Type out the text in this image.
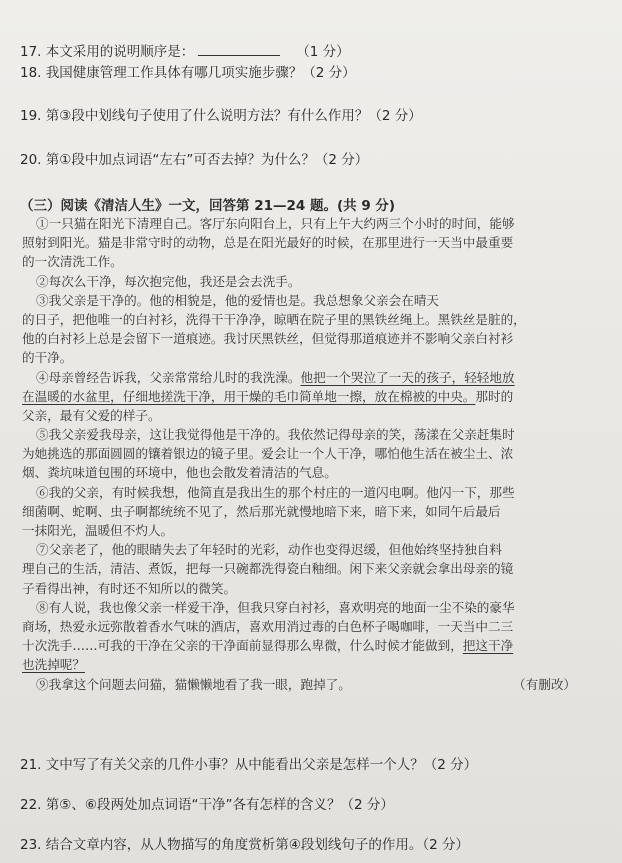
17. 本文采用的说明顺序是：	（1 分）
18. 我国健康管理工作具体有哪几项实施步骤？（2 分）
19. 第③段中划线句子使用了什么说明方法？有什么作用？（2 分）
20. 第①段中加点词语“左右”可否去掉？为什么？（2 分）
（三）阅读《清洁人生》一文，回答第 21—24 题。(共 9 分)
①一只猫在阳光下清理自己。客厅东向阳台上，只有上午大约两三个小时的时间，能够
照射到阳光。猫是非常守时的动物，总是在阳光最好的时候，在那里进行一天当中最重要
的一次清洗工作。
②每次么干净，每次抱完他，我还是会去洗手。
③我父亲是干净的。他的相貌是，他的爱情也是。我总想象父亲会在晴天
的日子，把他唯一的白衬衫，洗得干干净净，晾晒在院子里的黑铁丝绳上。黑铁丝是脏的，
他的白衬衫上总是会留下一道痕迹。我讨厌黑铁丝，但觉得那道痕迹并不影响父亲白衬衫
的干净。
④母亲曾经告诉我，父亲常常给儿时的我洗澡。他把一个哭泣了一天的孩子，轻轻地放
在温暖的水盆里，仔细地搓洗干净，用干燥的毛巾简单地一擦，放在棉被的中央。那时的
父亲，最有父爱的样子。
⑤我父亲爱我母亲，这让我觉得他是干净的。我依然记得母亲的笑，荡漾在父亲赶集时
为她挑选的那面圆圆的镶着银边的镜子里。爱会让一个人干净，哪怕他生活在被尘土、浓
烟、粪坑味道包围的环境中，他也会散发着清洁的气息。
⑥我的父亲，有时候我想，他简直是我出生的那个村庄的一道闪电啊。他闪一下，那些
细菌啊、蛇啊、虫子啊都统统不见了，然后那光就慢地暗下来，暗下来，如同午后最后
一抹阳光，温暖但不灼人。
⑦父亲老了，他的眼睛失去了年轻时的光彩，动作也变得迟缓，但他始终坚持独自料
理自己的生活，清洁、煮饭，把每一只碗都洗得瓷白釉细。闲下来父亲就会拿出母亲的镜
子看得出神，有时还不知所以的微笑。
⑧有人说，我也像父亲一样爱干净，但我只穿白衬衫，喜欢明亮的地面一尘不染的豪华
商场，热爱永远弥散着香水气味的酒店，喜欢用消过毒的白色杯子喝咖啡，一天当中二三
十次洗手……可我的干净在父亲的干净面前显得那么卑微，什么时候才能做到，把这干净
也洗掉呢？
⑨我拿这个问题去问猫，猫懒懒地看了我一眼，跑掉了。	（有删改）
21. 文中写了有关父亲的几件小事？从中能看出父亲是怎样一个人？（2 分）
22. 第⑤、⑥段两处加点词语“干净”各有怎样的含义？（2 分）
23. 结合文章内容，从人物描写的角度赏析第④段划线句子的作用。（2 分）
